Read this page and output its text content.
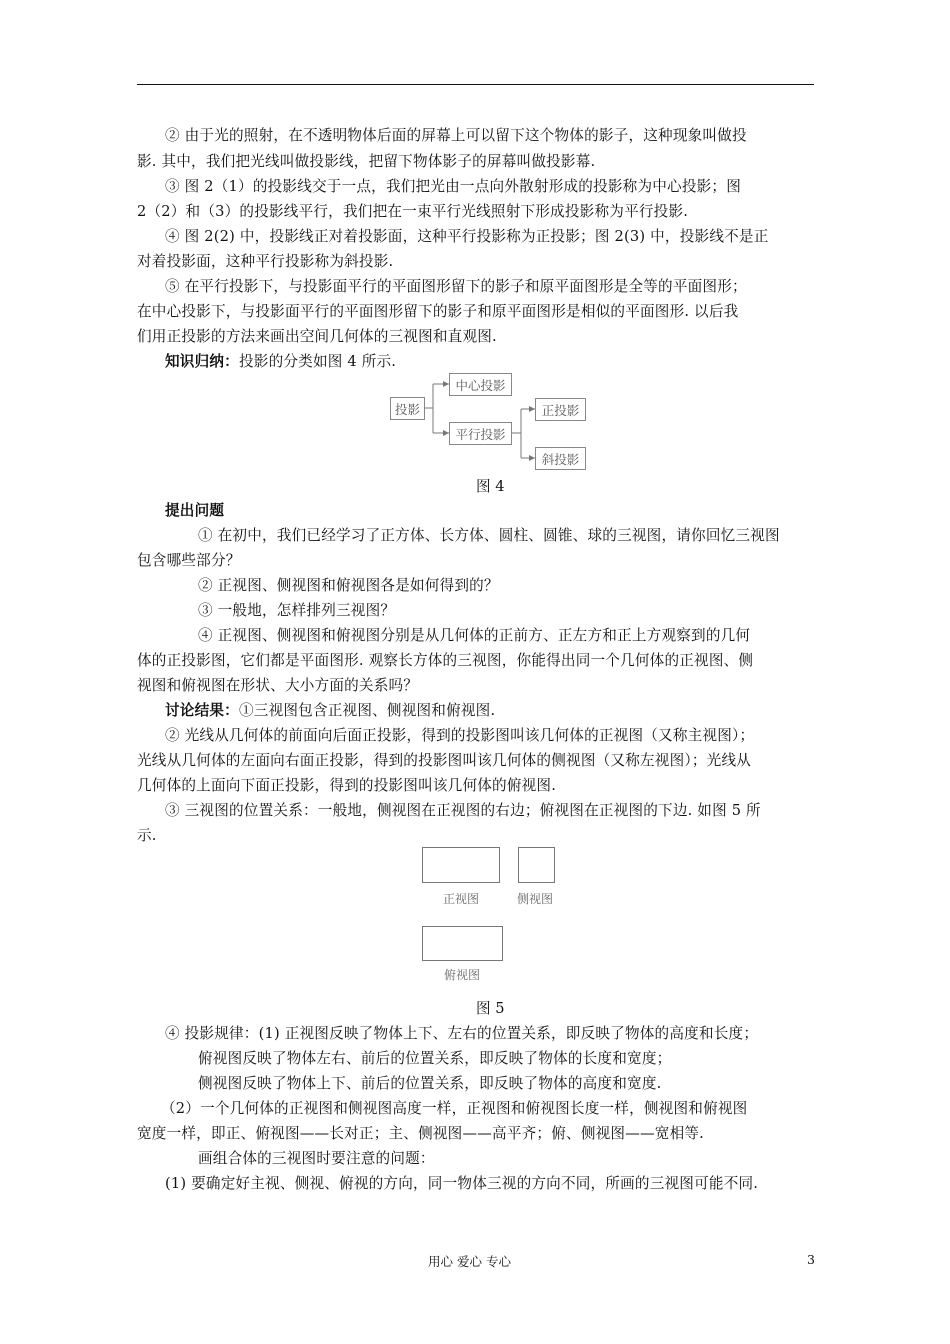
② 由于光的照射，在不透明物体后面的屏幕上可以留下这个物体的影子，这种现象叫做投
影. 其中，我们把光线叫做投影线，把留下物体影子的屏幕叫做投影幕.
③ 图 2（1）的投影线交于一点，我们把光由一点向外散射形成的投影称为中心投影；图
2（2）和（3）的投影线平行，我们把在一束平行光线照射下形成投影称为平行投影.
④ 图 2(2) 中，投影线正对着投影面，这种平行投影称为正投影；图 2(3) 中，投影线不是正
对着投影面，这种平行投影称为斜投影.
⑤ 在平行投影下，与投影面平行的平面图形留下的影子和原平面图形是全等的平面图形；
在中心投影下，与投影面平行的平面图形留下的影子和原平面图形是相似的平面图形. 以后我
们用正投影的方法来画出空间几何体的三视图和直观图.
知识归纳：投影的分类如图 4 所示.
投影
中心投影
平行投影
正投影
斜投影
图 4
提出问题
① 在初中，我们已经学习了正方体、长方体、圆柱、圆锥、球的三视图，请你回忆三视图
包含哪些部分？
② 正视图、侧视图和俯视图各是如何得到的？
③ 一般地，怎样排列三视图？
④ 正视图、侧视图和俯视图分别是从几何体的正前方、正左方和正上方观察到的几何
体的正投影图，它们都是平面图形. 观察长方体的三视图，你能得出同一个几何体的正视图、侧
视图和俯视图在形状、大小方面的关系吗？
讨论结果：①三视图包含正视图、侧视图和俯视图.
② 光线从几何体的前面向后面正投影，得到的投影图叫该几何体的正视图（又称主视图）；
光线从几何体的左面向右面正投影，得到的投影图叫该几何体的侧视图（又称左视图）；光线从
几何体的上面向下面正投影，得到的投影图叫该几何体的俯视图.
③ 三视图的位置关系：一般地，侧视图在正视图的右边；俯视图在正视图的下边. 如图 5 所
示.
正视图	侧视图
俯视图
图 5
④ 投影规律：(1) 正视图反映了物体上下、左右的位置关系，即反映了物体的高度和长度；
俯视图反映了物体左右、前后的位置关系，即反映了物体的长度和宽度；
侧视图反映了物体上下、前后的位置关系，即反映了物体的高度和宽度.
（2）一个几何体的正视图和侧视图高度一样，正视图和俯视图长度一样，侧视图和俯视图
宽度一样，即正、俯视图——长对正；主、侧视图——高平齐；俯、侧视图——宽相等.
画组合体的三视图时要注意的问题：
(1) 要确定好主视、侧视、俯视的方向，同一物体三视的方向不同，所画的三视图可能不同.
用心 爱心 专心	3
